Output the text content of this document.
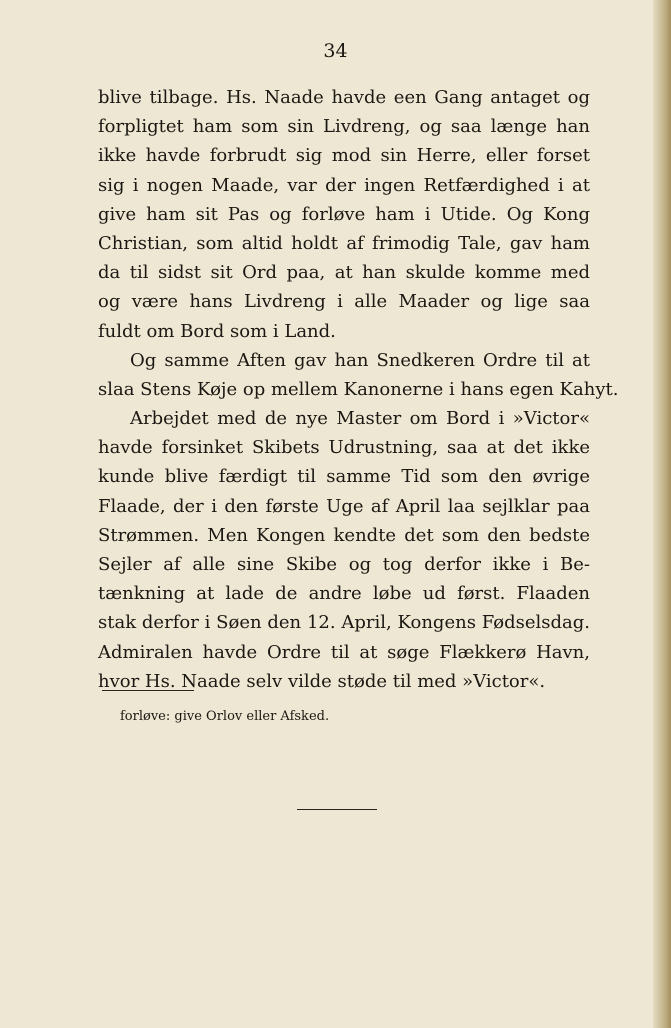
34
blive tilbage. Hs. Naade havde een Gang antaget og
forpligtet ham som sin Livdreng, og saa længe han
ikke havde forbrudt sig mod sin Herre, eller forset
sig i nogen Maade, var der ingen Retfærdighed i at
give ham sit Pas og forløve ham i Utide. Og Kong
Christian, som altid holdt af frimodig Tale, gav ham
da til sidst sit Ord paa, at han skulde komme med
og være hans Livdreng i alle Maader og lige saa
fuldt om Bord som i Land.
Og samme Aften gav han Snedkeren Ordre til at
slaa Stens Køje op mellem Kanonerne i hans egen Kahyt.
Arbejdet med de nye Master om Bord i »Victor«
havde forsinket Skibets Udrustning, saa at det ikke
kunde blive færdigt til samme Tid som den øvrige
Flaade, der i den første Uge af April laa sejlklar paa
Strømmen. Men Kongen kendte det som den bedste
Sejler af alle sine Skibe og tog derfor ikke i Be-
tænkning at lade de andre løbe ud først. Flaaden
stak derfor i Søen den 12. April, Kongens Fødselsdag.
Admiralen havde Ordre til at søge Flækkerø Havn,
hvor Hs. Naade selv vilde støde til med »Victor«.
forløve: give Orlov eller Afsked.
